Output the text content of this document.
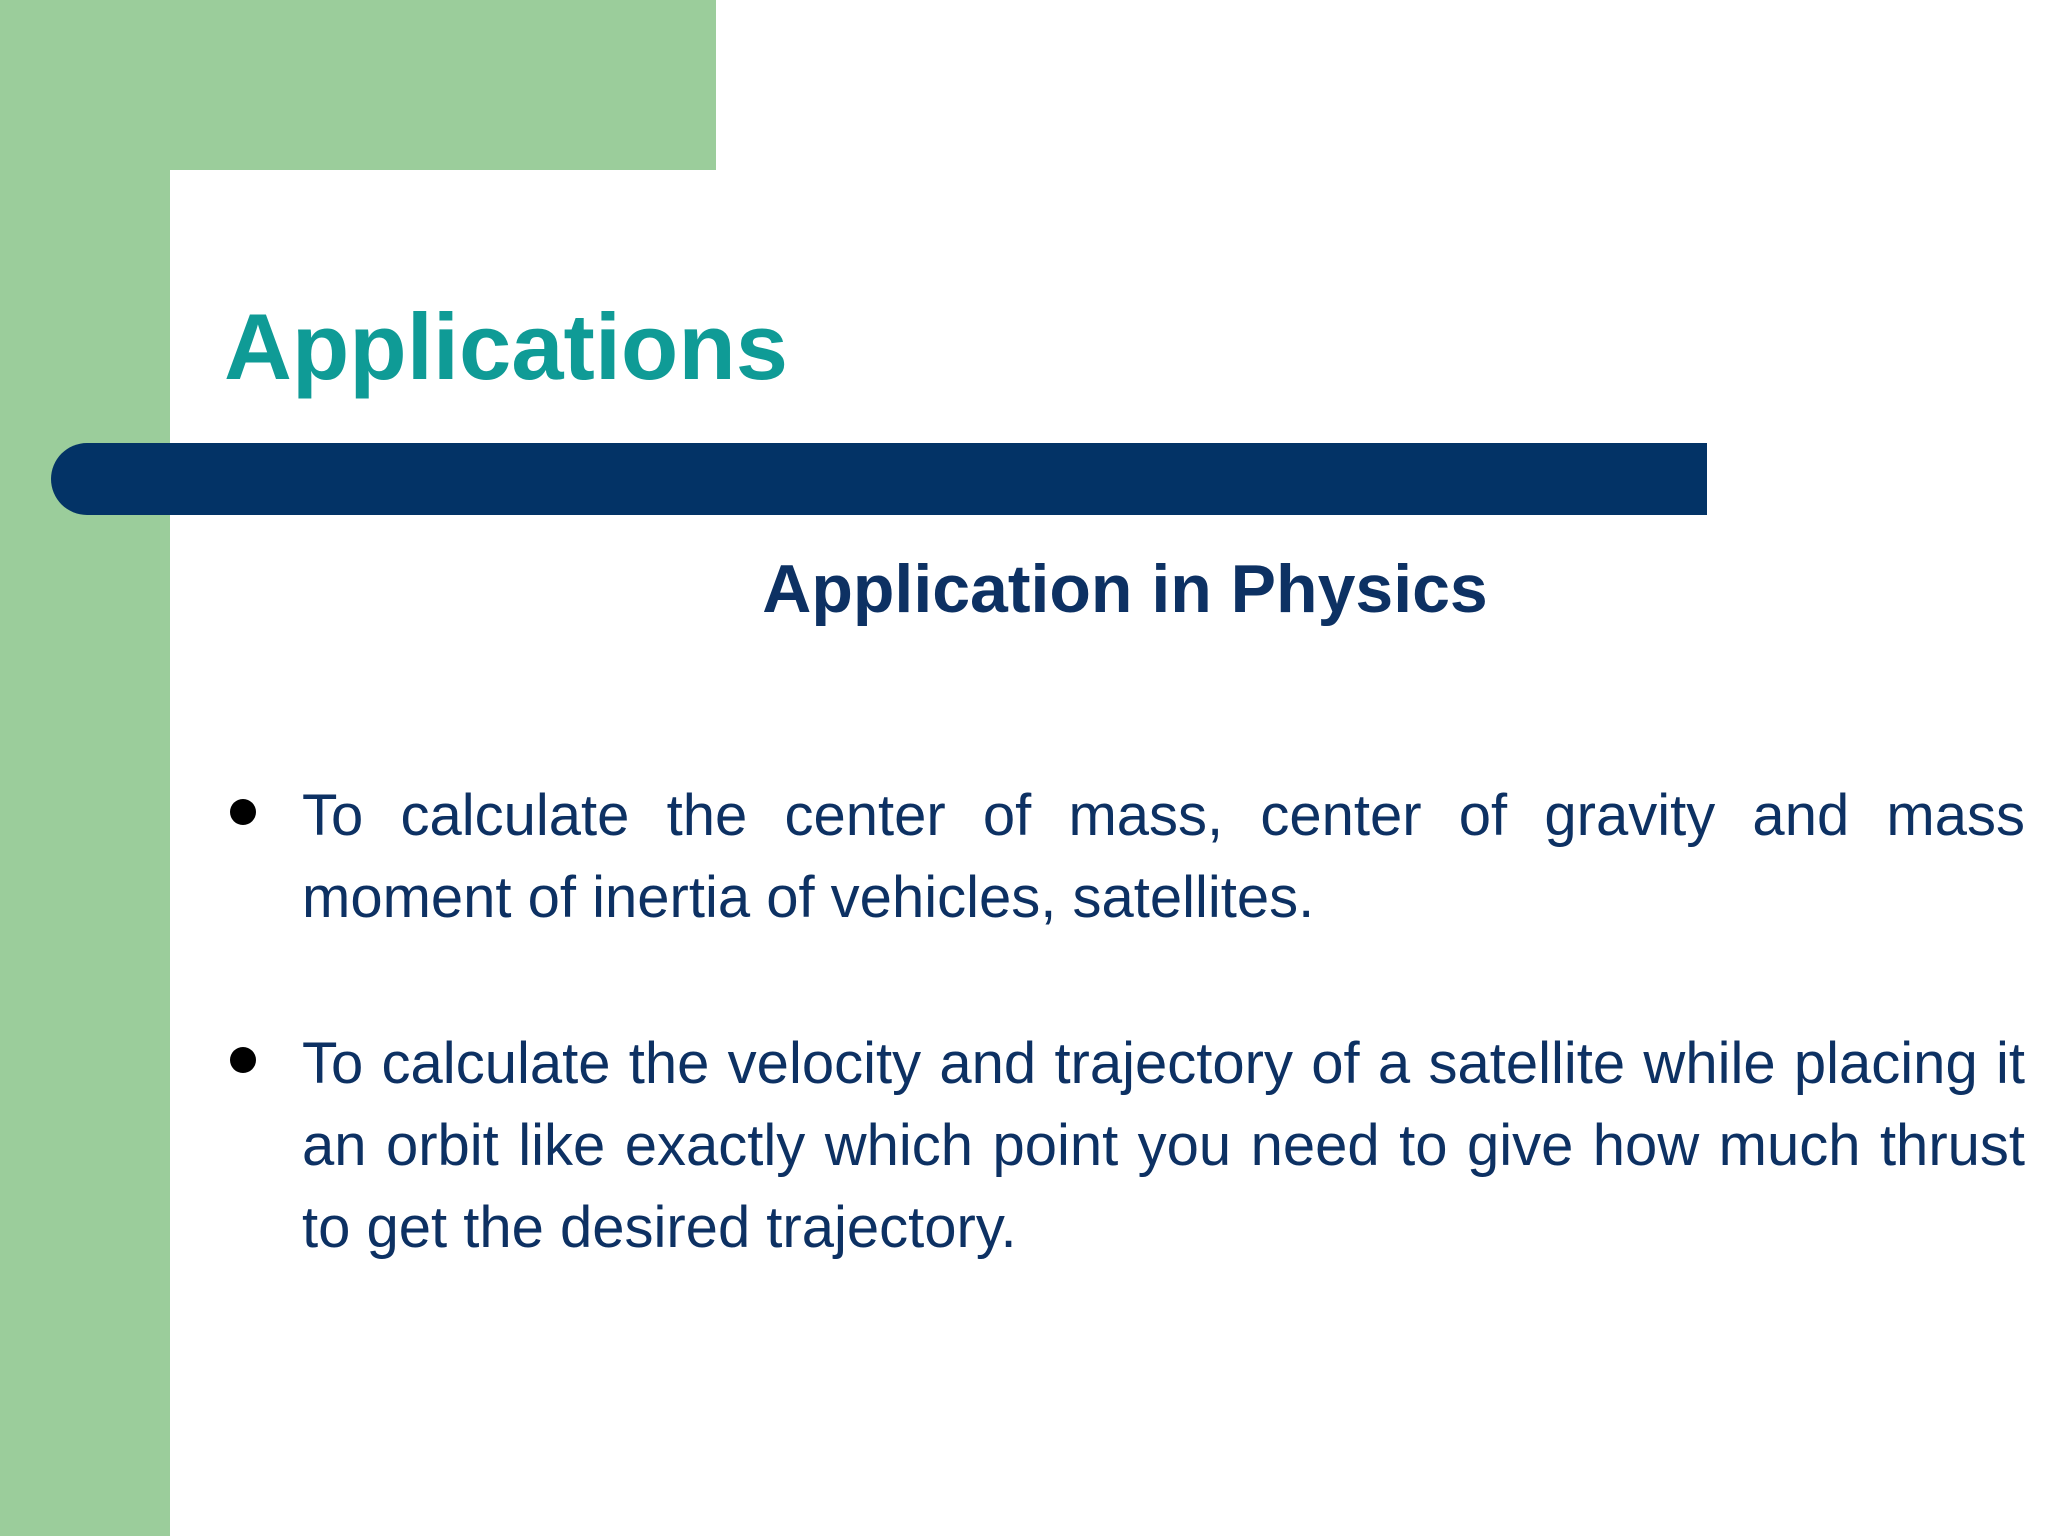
Applications
Application in Physics
To calculate the center of mass, center of gravity and mass moment of inertia of vehicles, satellites.
To calculate the velocity and trajectory of a satellite while placing it an orbit like exactly which point you need to give how much thrust to get the desired trajectory.
